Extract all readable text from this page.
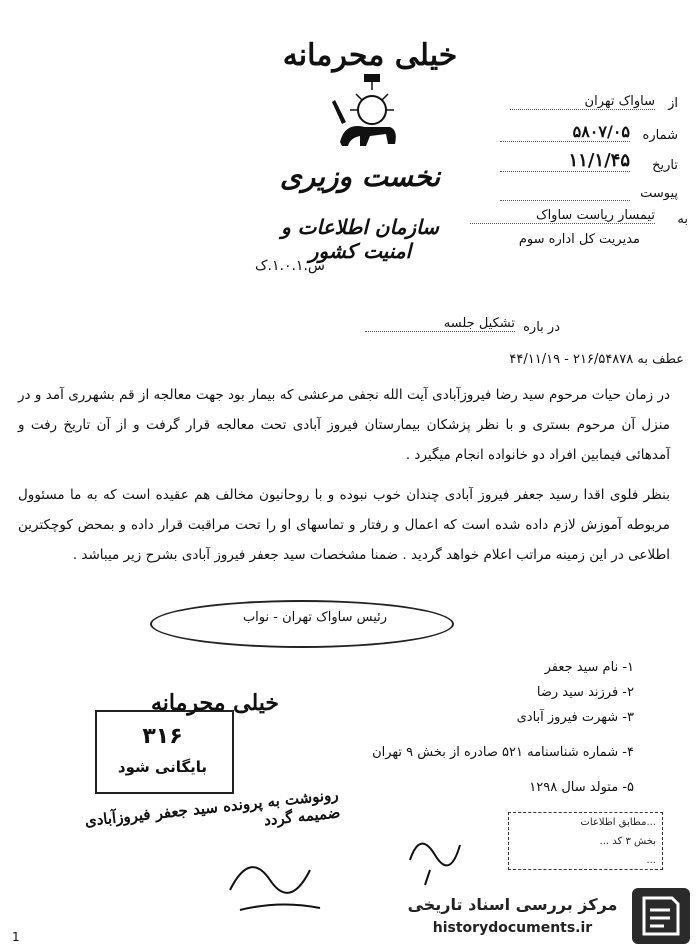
خیلی محرمانه
نخست وزیری
سازمان اطلاعات و امنیت کشور
س.۱.۰.۱.ک
از
ساواک تهران
شماره
۵۸۰۷/۰۵
تاریخ
۱۱/۱/۴۵
پیوست
به
تیمسار ریاست ساواک
مدیریت کل اداره سوم
در باره
تشکیل جلسه
عطف به ۲۱۶/۵۴۸۷۸ - ۴۴/۱۱/۱۹

در زمان حیات مرحوم سید رضا فیروزآبادی آیت الله نجفی مرعشی که بیمار بود جهت معالجه از قم بشهرری آمد و در منزل آن مرحوم بستری و با نظر پزشکان بیمارستان فیروز آبادی تحت معالجه قرار گرفت و از آن تاریخ رفت و آمدهائی فیمابین افراد دو خانواده انجام میگیرد .

بنظر فلوی اقدا رسید جعفر فیروز آبادی چندان خوب نبوده و با روحانیون مخالف هم عقیده است که به ما مسئوول مربوطه آموزش لازم داده شده است که اعمال و رفتار و تماسهای او را تحت مراقبت قرار داده و بمحض کوچکترین اطلاعی در این زمینه مراتب اعلام خواهد گردید . ضمنا مشخصات سید جعفر فیروز آبادی بشرح زیر میباشد .

رئیس ساواک تهران - نواب
۱- نام سید جعفر
۲- فرزند سید رضا
۳- شهرت فیروز آبادی
۴- شماره شناسنامه ۵۲۱ صادره از بخش ۹ تهران
۵- متولد سال ۱۲۹۸
خیلی محرمانه
۳۱۶
بایگانی شود
رونوشت به پرونده سید جعفر فیروزآبادی ضمیمه گردد	...مطابق اطلاعات
بخش ۳ کد ...
...
مرکز بررسی اسناد تاریخی
historydocuments.ir
1
